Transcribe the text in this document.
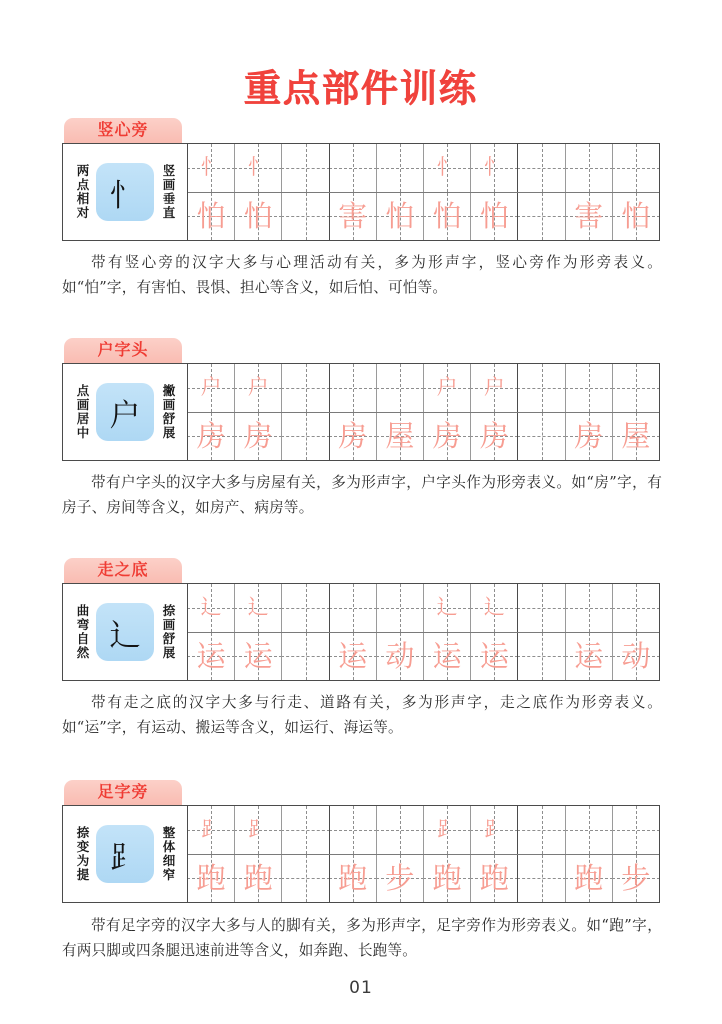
重点部件训练
竖心旁
两点相对 忄	竖画垂直 忄 忄	忄 忄
怕 怕 害 怕 怕 怕 害 怕
带有竖心旁的汉字大多与心理活动有关，多为形声字，竖心旁作为形旁表义。如“怕”字，有害怕、畏惧、担心等含义，如后怕、可怕等。
户字头
点画居中 户	撇画舒展 户 户	户 户
房 房 房 屋 房 房 房 屋
带有户字头的汉字大多与房屋有关，多为形声字，户字头作为形旁表义。如“房”字，有房子、房间等含义，如房产、病房等。
走之底
曲弯自然 辶	捺画舒展 辶 辶	辶 辶
运 运 运 动 运 运 运 动
带有走之底的汉字大多与行走、道路有关，多为形声字，走之底作为形旁表义。如“运”字，有运动、搬运等含义，如运行、海运等。
足字旁
捺变为提 ⻊	整体细窄 ⻊ ⻊	⻊ ⻊
跑 跑 跑 步 跑 跑 跑 步
带有足字旁的汉字大多与人的脚有关，多为形声字，足字旁作为形旁表义。如“跑”字，有两只脚或四条腿迅速前进等含义，如奔跑、长跑等。
01
